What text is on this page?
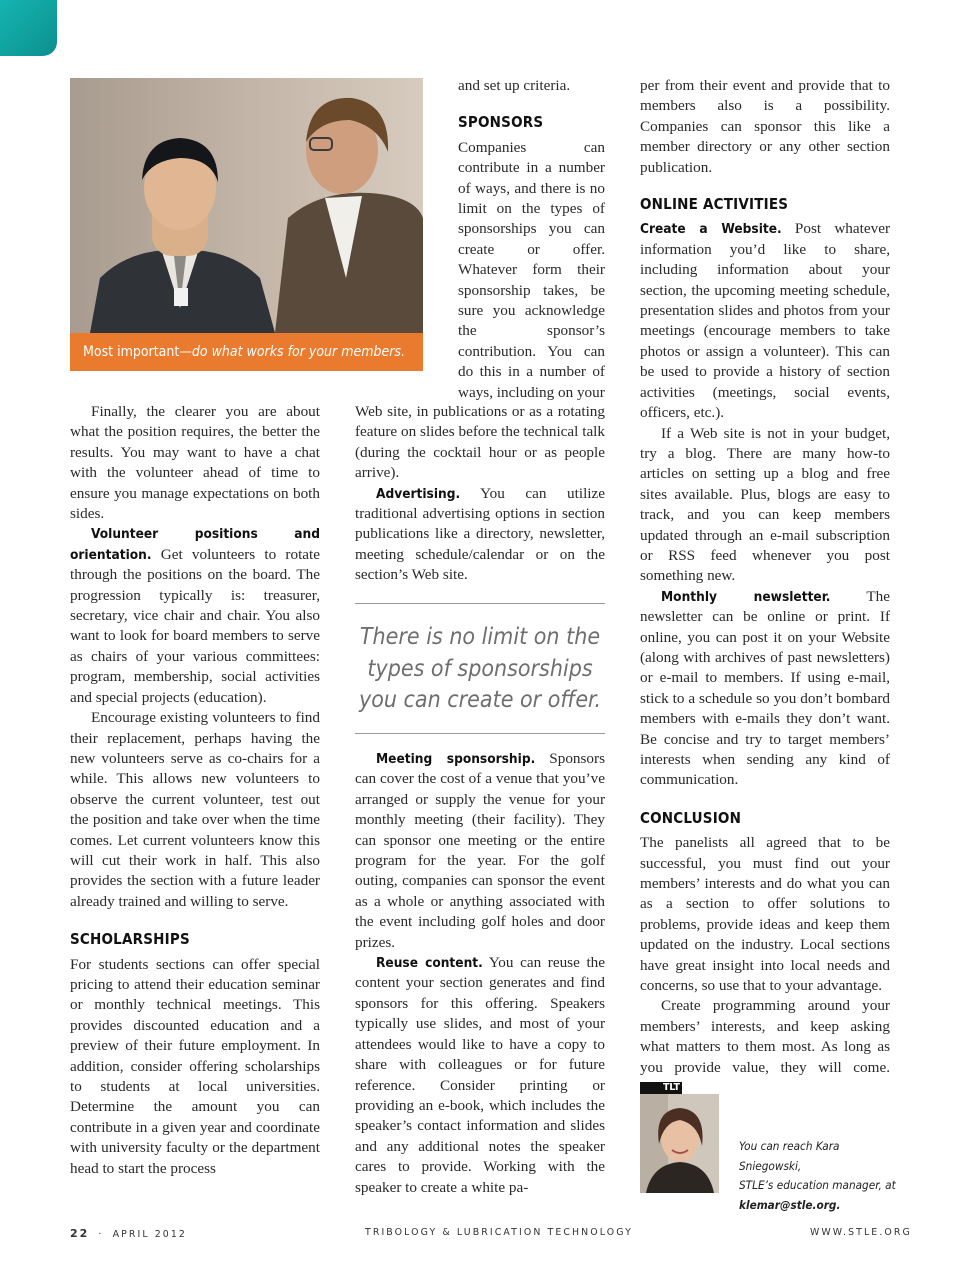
Most important—do what works for your members.

Finally, the clearer you are about what the position requires, the better the results. You may want to have a chat with the volunteer ahead of time to ensure you manage expectations on both sides.

Volunteer positions and orientation. Get volunteers to rotate through the positions on the board. The progression typically is: treasurer, secretary, vice chair and chair. You also want to look for board members to serve as chairs of your various committees: program, membership, social activities and special projects (education).

Encourage existing volunteers to find their replacement, perhaps having the new volunteers serve as co-chairs for a while. This allows new volunteers to observe the current volunteer, test out the position and take over when the time comes. Let current volunteers know this will cut their work in half. This also provides the section with a future leader already trained and willing to serve.

SCHOLARSHIPS

For students sections can offer special pricing to attend their education seminar or monthly technical meetings. This provides discounted education and a preview of their future employment. In addition, consider offering scholarships to students at local universities. Determine the amount you can contribute in a given year and coordinate with university faculty or the department head to start the process

and set up criteria.

SPONSORS

Companies can contribute in a number of ways, and there is no limit on the types of sponsorships you can create or offer. Whatever form their sponsorship takes, be sure you acknowledge the sponsor’s contribution. You can do this in a number of ways, including on your

Web site, in publications or as a rotating feature on slides before the technical talk (during the cocktail hour or as people arrive).

Advertising. You can utilize traditional advertising options in section publications like a directory, newsletter, meeting schedule/calendar or on the section’s Web site.

There is no limit on the types of sponsorships you can create or offer.

Meeting sponsorship. Sponsors can cover the cost of a venue that you’ve arranged or supply the venue for your monthly meeting (their facility). They can sponsor one meeting or the entire program for the year. For the golf outing, companies can sponsor the event as a whole or anything associated with the event including golf holes and door prizes.

Reuse content. You can reuse the content your section generates and find sponsors for this offering. Speakers typically use slides, and most of your attendees would like to have a copy to share with colleagues or for future reference. Consider printing or providing an e-book, which includes the speaker’s contact information and slides and any additional notes the speaker cares to provide. Working with the speaker to create a white pa-

per from their event and provide that to members also is a possibility. Companies can sponsor this like a member directory or any other section publication.

ONLINE ACTIVITIES

Create a Website. Post whatever information you’d like to share, including information about your section, the upcoming meeting schedule, presentation slides and photos from your meetings (encourage members to take photos or assign a volunteer). This can be used to provide a history of section activities (meetings, social events, officers, etc.).

If a Web site is not in your budget, try a blog. There are many how-to articles on setting up a blog and free sites available. Plus, blogs are easy to track, and you can keep members updated through an e-mail subscription or RSS feed whenever you post something new.

Monthly newsletter. The newsletter can be online or print. If online, you can post it on your Website (along with archives of past newsletters) or e-mail to members. If using e-mail, stick to a schedule so you don’t bombard members with e-mails they don’t want. Be concise and try to target members’ interests when sending any kind of communication.

CONCLUSION

The panelists all agreed that to be successful, you must find out your members’ interests and do what you can as a section to offer solutions to problems, provide ideas and keep them updated on the industry. Local sections have great insight into local needs and concerns, so use that to your advantage.

Create programming around your members’ interests, and keep asking what matters to them most. As long as you provide value, they will come. TLT

You can reach Kara Sniegowski,
STLE’s education manager, at
klemar@stle.org.
22 · APRIL 2012	TRIBOLOGY & LUBRICATION TECHNOLOGY	WWW.STLE.ORG
